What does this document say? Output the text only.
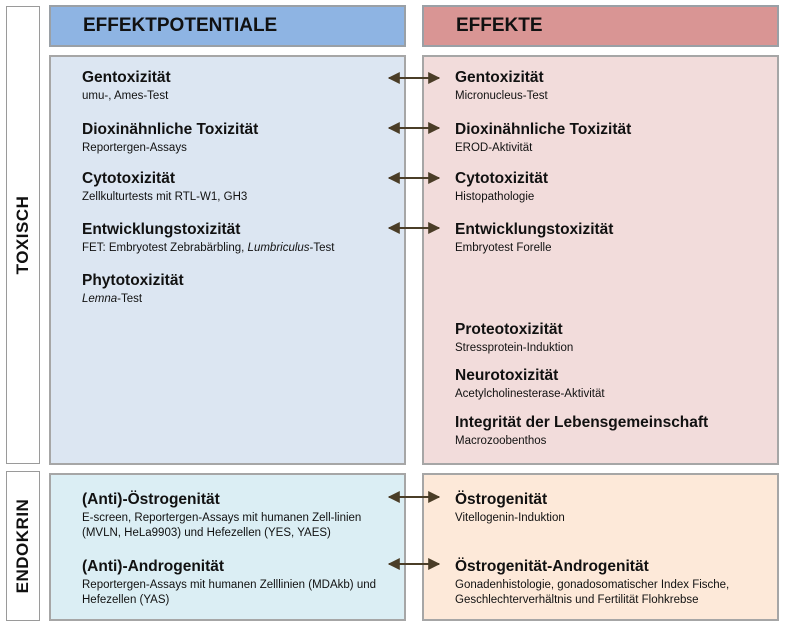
TOXISCH
ENDOKRIN
EFFEKTPOTENTIALE	EFFEKTE
Gentoxizität
umu-, Ames-Test
Dioxinähnliche Toxizität
Reportergen-Assays
Cytotoxizität
Zellkulturtests mit RTL-W1, GH3
Entwicklungstoxizität
FET: Embryotest Zebrabärbling, Lumbriculus-Test
Phytotoxizität
Lemna-Test
Gentoxizität
Micronucleus-Test
Dioxinähnliche Toxizität
EROD-Aktivität
Cytotoxizität
Histopathologie
Entwicklungstoxizität
Embryotest Forelle
Proteotoxizität
Stressprotein-Induktion
Neurotoxizität
Acetylcholinesterase-Aktivität
Integrität der Lebensgemeinschaft
Macrozoobenthos
(Anti)-Östrogenität
E-screen, Reportergen-Assays mit humanen Zell-linien (MVLN, HeLa9903) und Hefezellen (YES, YAES)
(Anti)-Androgenität
Reportergen-Assays mit humanen Zelllinien (MDAkb) und Hefezellen (YAS)
Östrogenität
Vitellogenin-Induktion
Östrogenität-Androgenität
Gonadenhistologie, gonadosomatischer Index Fische, Geschlechterverhältnis und Fertilität Flohkrebse
